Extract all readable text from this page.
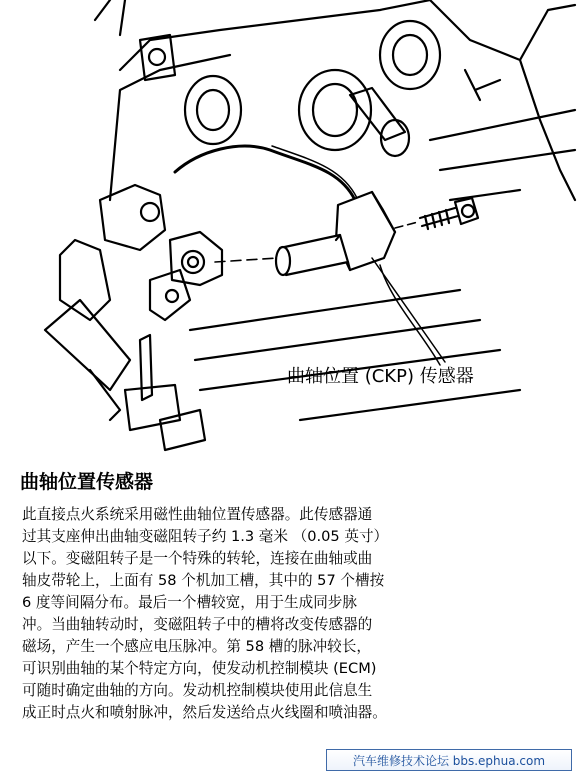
曲轴位置 (CKP) 传感器
曲轴位置传感器
此直接点火系统采用磁性曲轴位置传感器。此传感器通
过其支座伸出曲轴变磁阻转子约 1.3 毫米 （0.05 英寸）
以下。变磁阻转子是一个特殊的转轮，连接在曲轴或曲
轴皮带轮上，上面有 58 个机加工槽，其中的 57 个槽按
6 度等间隔分布。最后一个槽较宽，用于生成同步脉
冲。当曲轴转动时，变磁阻转子中的槽将改变传感器的
磁场，产生一个感应电压脉冲。第 58 槽的脉冲较长，
可识别曲轴的某个特定方向，使发动机控制模块 (ECM)
可随时确定曲轴的方向。发动机控制模块使用此信息生
成正时点火和喷射脉冲，然后发送给点火线圈和喷油器。
汽车维修技术论坛 bbs.ephua.com
